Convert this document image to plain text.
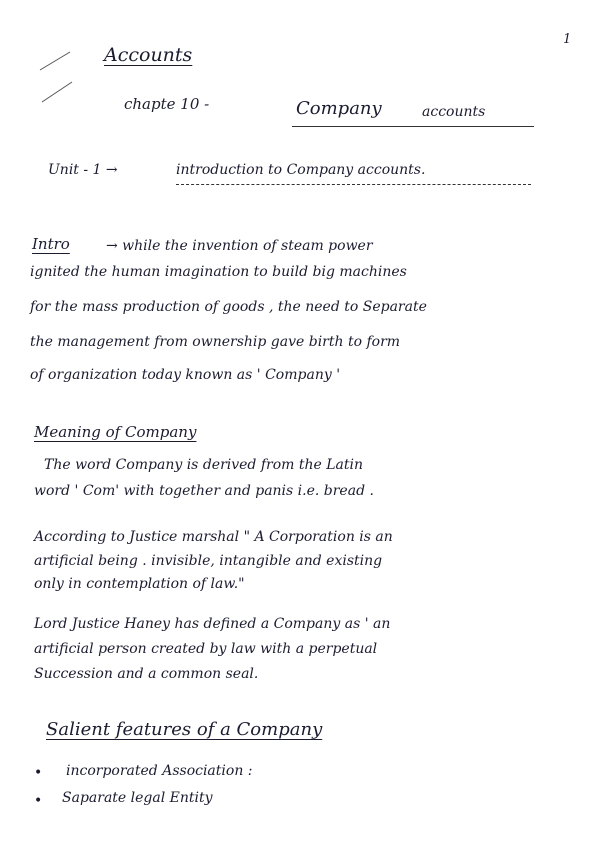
1
Accounts
chapte 10 -	Company	accounts
Unit - 1 →	introduction to Company accounts.
Intro	→ while the invention of steam power
ignited the human imagination to build big machines
for the mass production of goods , the need to Separate
the management from ownership gave birth to form
of organization today known as ' Company '
Meaning of Company
The word Company is derived from the Latin
word ' Com' with together and panis i.e. bread .
According to Justice marshal " A Corporation is an
artificial being . invisible, intangible and existing
only in contemplation of law."
Lord Justice Haney has defined a Company as ' an
artificial person created by law with a perpetual
Succession and a common seal.
Salient features of a Company
• incorporated Association :
• Saparate legal Entity
